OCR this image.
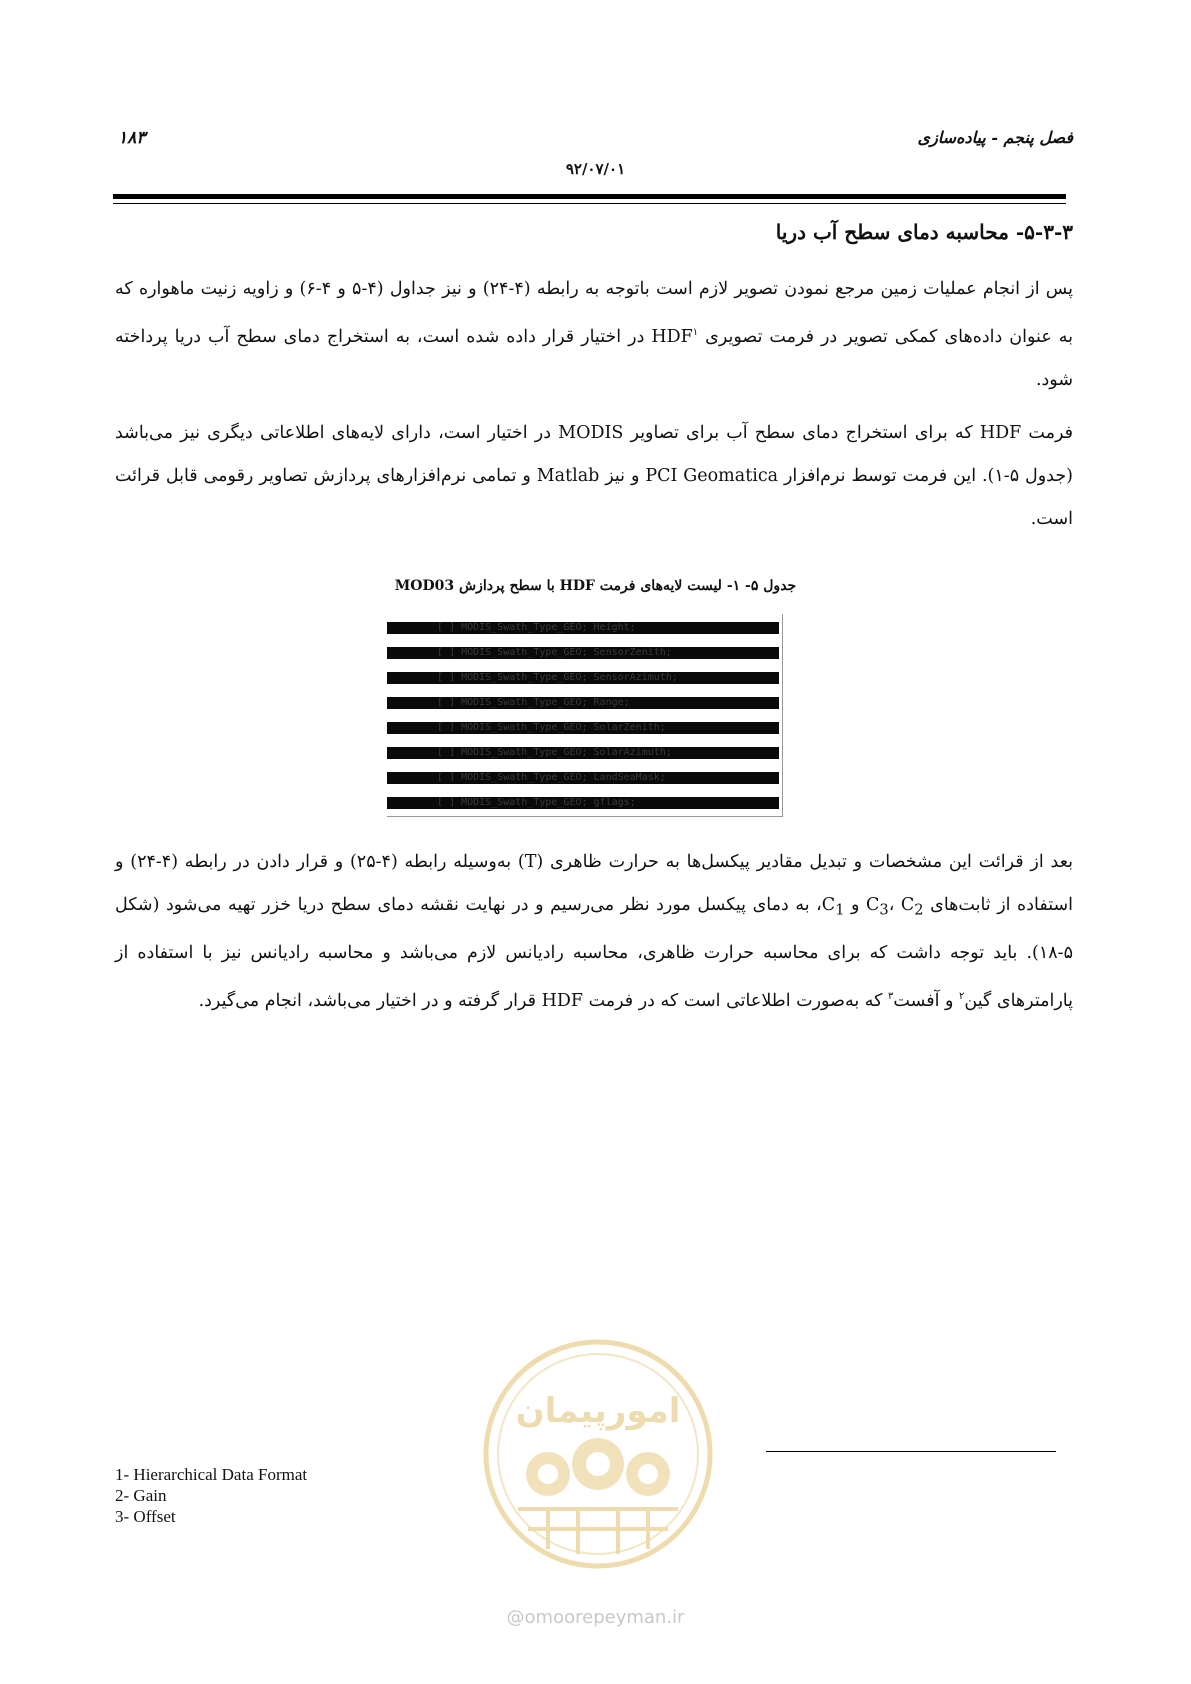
۱۸۳	فصل پنجم - پیاده‌سازی
۹۲/۰۷/۰۱
۵-۳-۳- محاسبه دمای سطح آب دریا
پس از انجام عملیات زمین مرجع نمودن تصویر لازم است باتوجه به رابطه (۴-۲۴) و نیز جداول (۴-۵ و ۴-۶) و زاویه زنیت ماهواره که به عنوان داده‌های کمکی تصویر در فرمت تصویری HDF$^۱$ در اختیار قرار داده شده است، به استخراج دمای سطح آب دریا پرداخته شود.
فرمت HDF که برای استخراج دمای سطح آب برای تصاویر MODIS در اختیار است، دارای لایه‌های اطلاعاتی دیگری نیز می‌باشد (جدول ۵-۱). این فرمت توسط نرم‌افزار PCI Geomatica و نیز Matlab و تمامی نرم‌افزارهای پردازش تصاویر رقومی قابل قرائت است.
جدول ۵- ۱- لیست لایه‌های فرمت HDF با سطح پردازش MOD03
[ ] MODIS_Swath_Type_GEO; Height;
[ ] MODIS_Swath_Type_GEO; SensorZenith;
[ ] MODIS_Swath_Type_GEO; SensorAzimuth;
[ ] MODIS_Swath_Type_GEO; Range;
[ ] MODIS_Swath_Type_GEO; SolarZenith;
[ ] MODIS_Swath_Type_GEO; SolarAzimuth;
[ ] MODIS_Swath_Type_GEO; LandSeaMask;
[ ] MODIS_Swath_Type_GEO; gflags;
بعد از قرائت این مشخصات و تبدیل مقادیر پیکسل‌ها به حرارت ظاهری (T) به‌وسیله رابطه (۴-۲۵) و قرار دادن در رابطه (۴-۲۴) و استفاده از ثابت‌های $C_3،$ $C_2$ و $C_1،$ به دمای پیکسل مورد نظر می‌رسیم و در نهایت نقشه دمای سطح دریا خزر تهیه می‌شود (شکل ۵-۱۸). باید توجه داشت که برای محاسبه حرارت ظاهری، محاسبه رادیانس لازم می‌باشد و محاسبه رادیانس نیز با استفاده از پارامترهای گین$^۲$ و آفست$^۳$ که به‌صورت اطلاعاتی است که در فرمت HDF قرار گرفته و در اختیار می‌باشد، انجام می‌گیرد.
1- Hierarchical Data Format
2- Gain
3- Offset
امورپیمان
@omoorepeyman.ir
